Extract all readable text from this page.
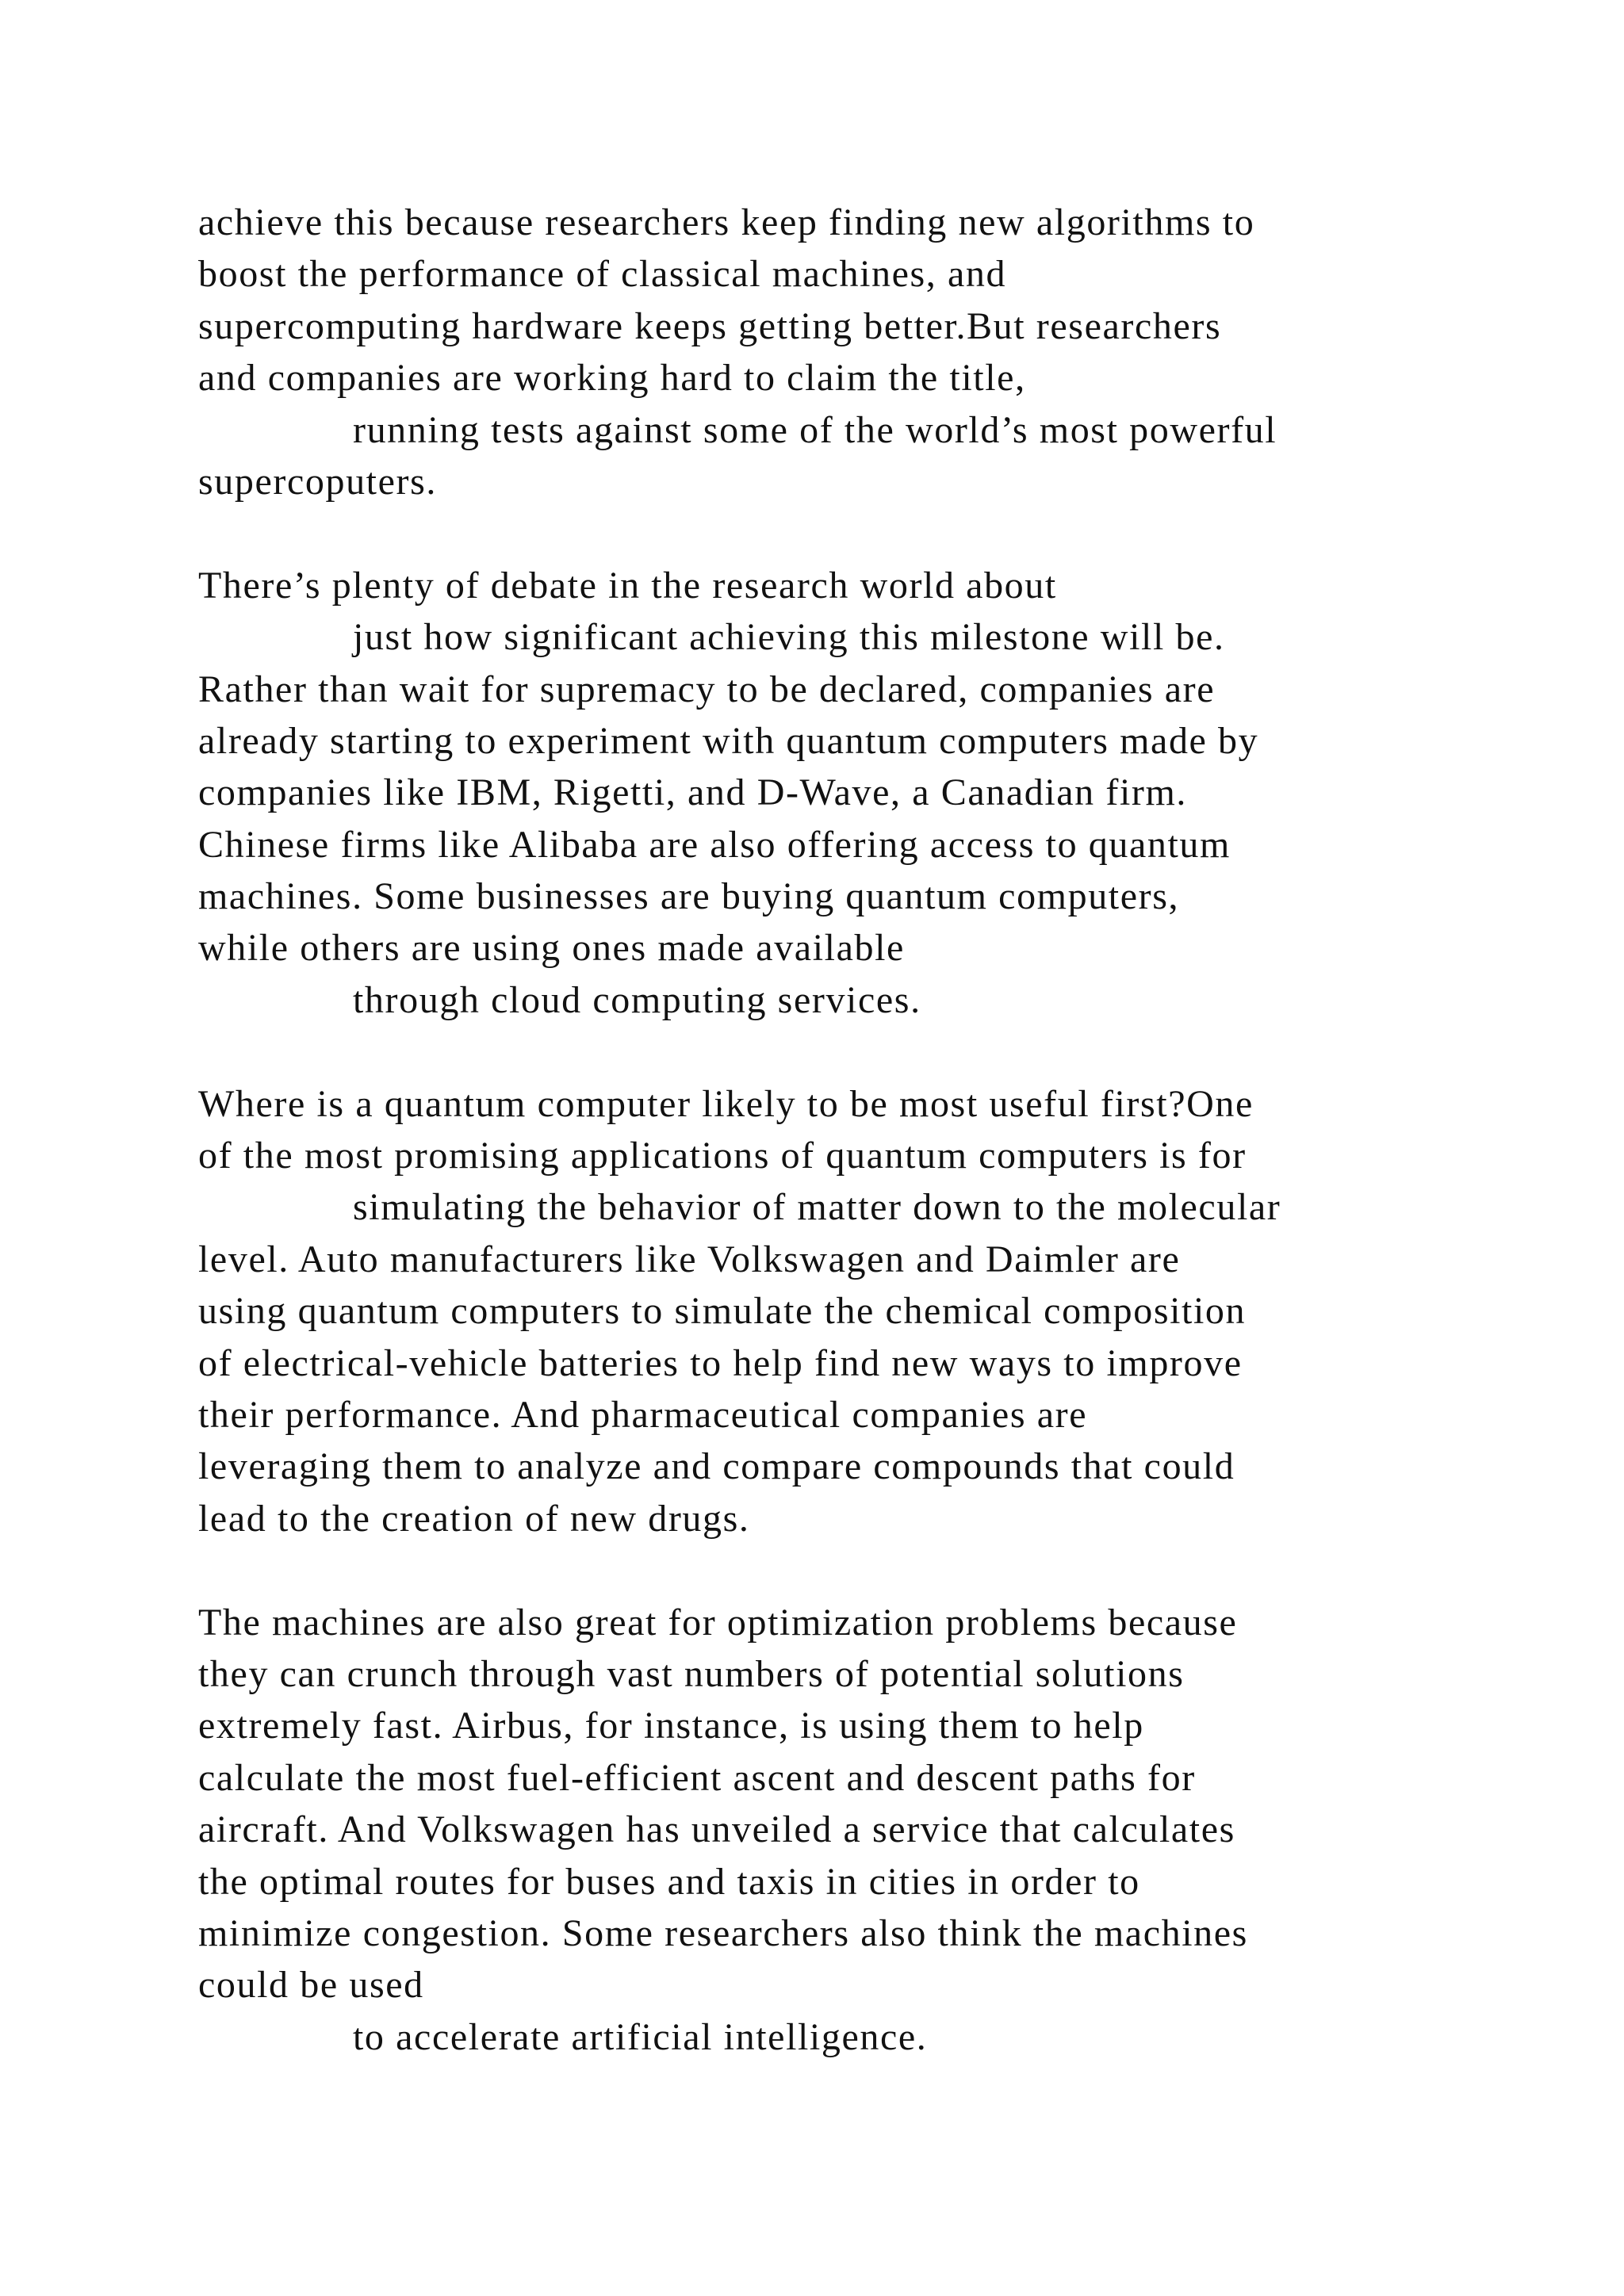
achieve this because researchers keep finding new algorithms to
boost the performance of classical machines, and
supercomputing hardware keeps getting better.But researchers
and companies are working hard to claim the title,
running tests against some of the world’s most powerful
supercoputers.
There’s plenty of debate in the research world about
just how significant achieving this milestone will be.
Rather than wait for supremacy to be declared, companies are
already starting to experiment with quantum computers made by
companies like IBM, Rigetti, and D-Wave, a Canadian firm.
Chinese firms like Alibaba are also offering access to quantum
machines. Some businesses are buying quantum computers,
while others are using ones made available
through cloud computing services.
Where is a quantum computer likely to be most useful first?One
of the most promising applications of quantum computers is for
simulating the behavior of matter down to the molecular
level. Auto manufacturers like Volkswagen and Daimler are
using quantum computers to simulate the chemical composition
of electrical-vehicle batteries to help find new ways to improve
their performance. And pharmaceutical companies are
leveraging them to analyze and compare compounds that could
lead to the creation of new drugs.
The machines are also great for optimization problems because
they can crunch through vast numbers of potential solutions
extremely fast. Airbus, for instance, is using them to help
calculate the most fuel-efficient ascent and descent paths for
aircraft. And Volkswagen has unveiled a service that calculates
the optimal routes for buses and taxis in cities in order to
minimize congestion. Some researchers also think the machines
could be used
to accelerate artificial intelligence.
